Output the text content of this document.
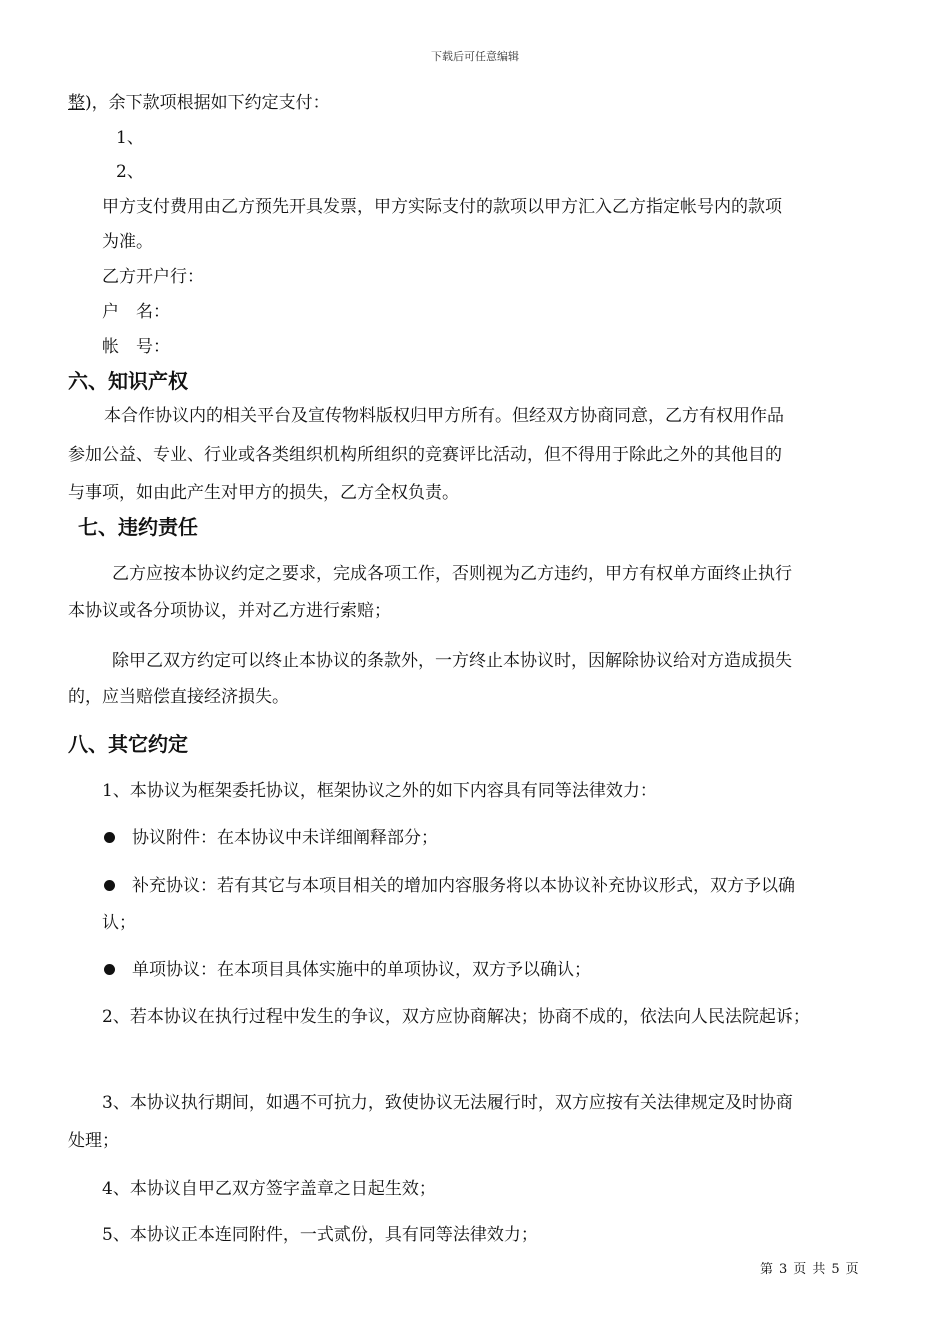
下载后可任意编辑
整)，余下款项根据如下约定支付：
1、
2、
甲方支付费用由乙方预先开具发票，甲方实际支付的款项以甲方汇入乙方指定帐号内的款项
为准。
乙方开户行：
户　名：
帐　号：
六、知识产权
本合作协议内的相关平台及宣传物料版权归甲方所有。但经双方协商同意，乙方有权用作品
参加公益、专业、行业或各类组织机构所组织的竞赛评比活动，但不得用于除此之外的其他目的
与事项，如由此产生对甲方的损失，乙方全权负责。
七、违约责任
乙方应按本协议约定之要求，完成各项工作，否则视为乙方违约，甲方有权单方面终止执行
本协议或各分项协议，并对乙方进行索赔；
除甲乙双方约定可以终止本协议的条款外，一方终止本协议时，因解除协议给对方造成损失
的，应当赔偿直接经济损失。
八、其它约定
1、本协议为框架委托协议，框架协议之外的如下内容具有同等法律效力：
协议附件：在本协议中未详细阐释部分；
补充协议：若有其它与本项目相关的增加内容服务将以本协议补充协议形式，双方予以确
认；
单项协议：在本项目具体实施中的单项协议，双方予以确认；
2、若本协议在执行过程中发生的争议，双方应协商解决；协商不成的，依法向人民法院起诉；
3、本协议执行期间，如遇不可抗力，致使协议无法履行时，双方应按有关法律规定及时协商
处理；
4、本协议自甲乙双方签字盖章之日起生效；
5、本协议正本连同附件，一式贰份，具有同等法律效力；
第 3 页 共 5 页
